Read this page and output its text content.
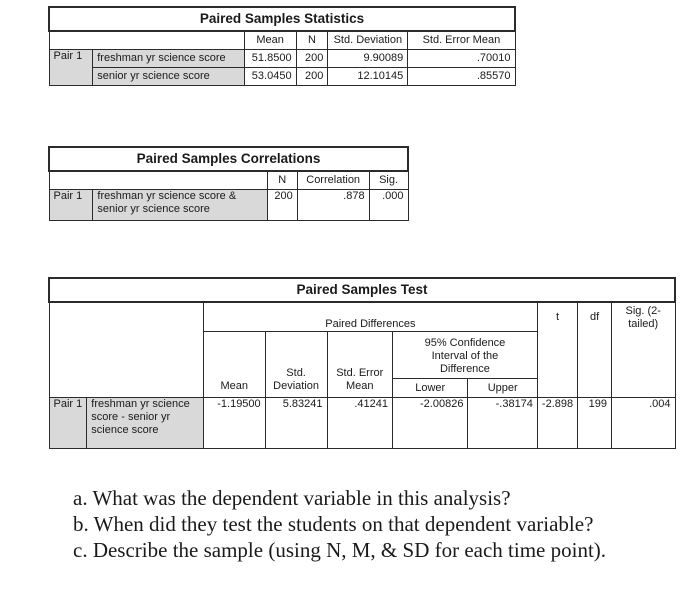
Paired Samples Statistics					
		Mean	N	Std. Deviation	Std. Error Mean
Pair 1	freshman yr science score	51.8500	200	9.90089	.70010
	senior yr science score	53.0450	200	12.10145	.85570
Paired Samples Correlations				
		N	Correlation	Sig.
Pair 1	freshman yr science score & senior yr science score	200	.878	.000
Paired Samples Test									
		Paired Differences					t	df	Sig. (2-tailed)
		Mean	Std. Deviation	Std. Error Mean	95% Confidence Interval of the Difference				
					Lower	Upper			
Pair 1	freshman yr science score - senior yr science score	-1.19500	5.83241	.41241	-2.00826	-.38174	-2.898	199	.004

a. What was the dependent variable in this analysis?

b. When did they test the students on that dependent variable?

c. Describe the sample (using N, M, & SD for each time point).
